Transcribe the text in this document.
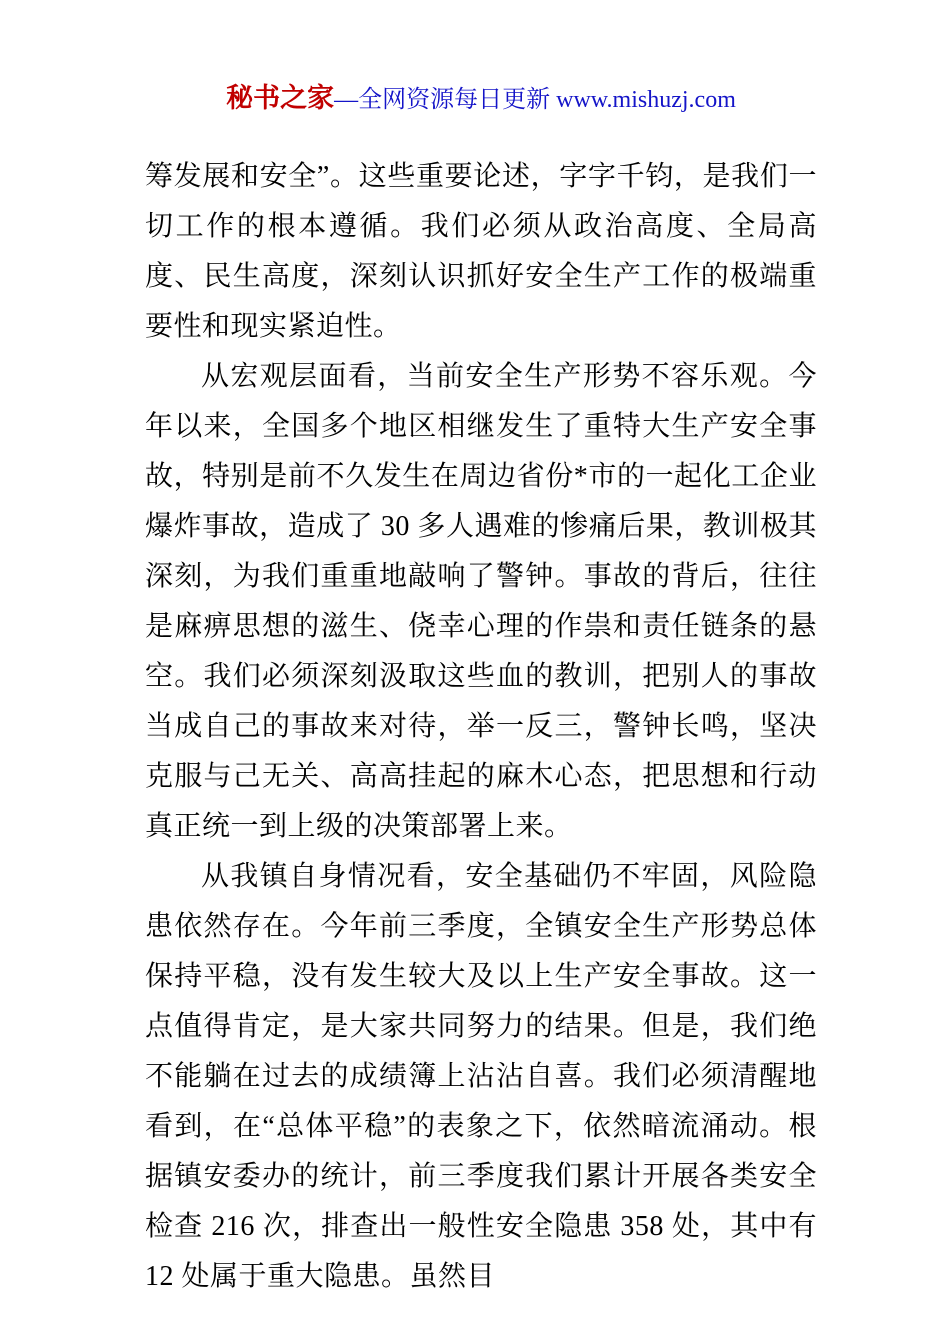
秘书之家—全网资源每日更新 www.mishuzj.com

筹发展和安全”。这些重要论述，字字千钧，是我们一切工作的根本遵循。我们必须从政治高度、全局高度、民生高度，深刻认识抓好安全生产工作的极端重要性和现实紧迫性。

从宏观层面看，当前安全生产形势不容乐观。今年以来，全国多个地区相继发生了重特大生产安全事故，特别是前不久发生在周边省份*市的一起化工企业爆炸事故，造成了 30 多人遇难的惨痛后果，教训极其深刻，为我们重重地敲响了警钟。事故的背后，往往是麻痹思想的滋生、侥幸心理的作祟和责任链条的悬空。我们必须深刻汲取这些血的教训，把别人的事故当成自己的事故来对待，举一反三，警钟长鸣，坚决克服与己无关、高高挂起的麻木心态，把思想和行动真正统一到上级的决策部署上来。

从我镇自身情况看，安全基础仍不牢固，风险隐患依然存在。今年前三季度，全镇安全生产形势总体保持平稳，没有发生较大及以上生产安全事故。这一点值得肯定，是大家共同努力的结果。但是，我们绝不能躺在过去的成绩簿上沾沾自喜。我们必须清醒地看到，在“总体平稳”的表象之下，依然暗流涌动。根据镇安委办的统计，前三季度我们累计开展各类安全检查 216 次，排查出一般性安全隐患 358 处，其中有 12 处属于重大隐患。虽然目
